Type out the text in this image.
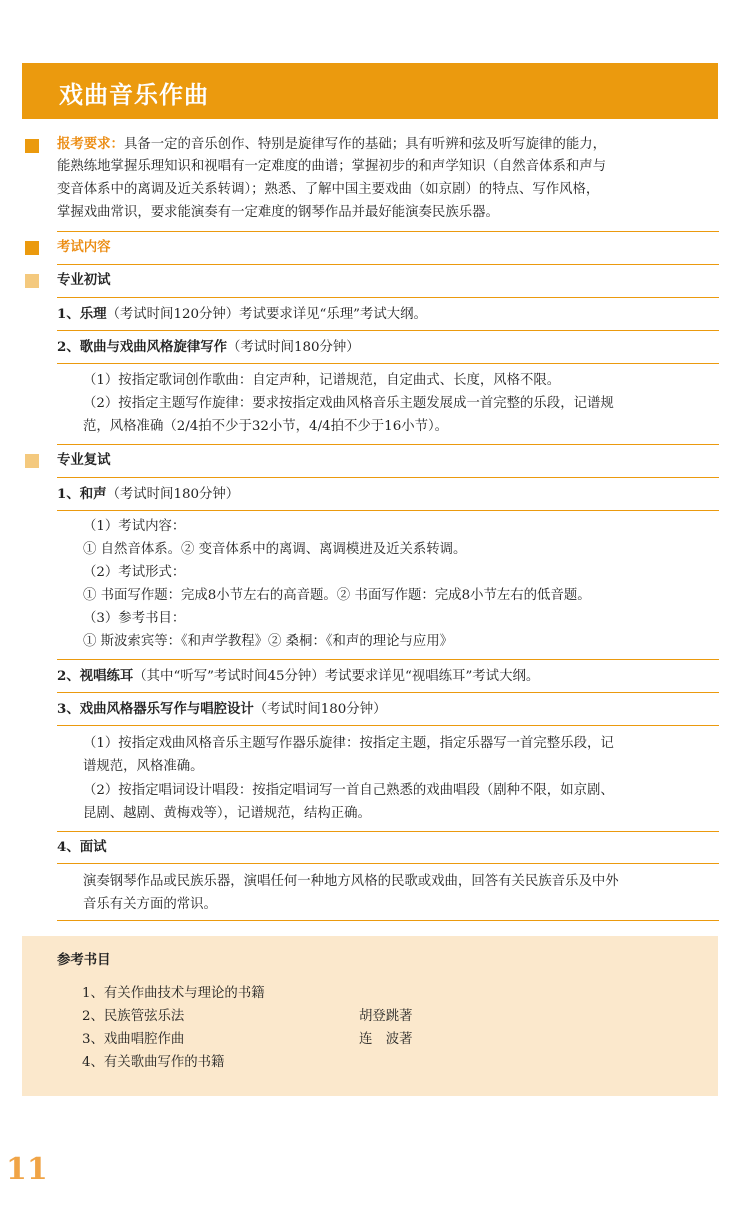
戏曲音乐作曲
报考要求：具备一定的音乐创作、特别是旋律写作的基础；具有听辨和弦及听写旋律的能力，
能熟练地掌握乐理知识和视唱有一定难度的曲谱；掌握初步的和声学知识（自然音体系和声与
变音体系中的离调及近关系转调）；熟悉、了解中国主要戏曲（如京剧）的特点、写作风格，
掌握戏曲常识，要求能演奏有一定难度的钢琴作品并最好能演奏民族乐器。
考试内容
专业初试
1、乐理（考试时间120分钟）考试要求详见“乐理”考试大纲。
2、歌曲与戏曲风格旋律写作（考试时间180分钟）
（1）按指定歌词创作歌曲：自定声种，记谱规范，自定曲式、长度，风格不限。
（2）按指定主题写作旋律：要求按指定戏曲风格音乐主题发展成一首完整的乐段，记谱规
范，风格准确（2/4拍不少于32小节，4/4拍不少于16小节）。
专业复试
1、和声（考试时间180分钟）
（1）考试内容：
① 自然音体系。② 变音体系中的离调、离调模进及近关系转调。
（2）考试形式：
① 书面写作题：完成8小节左右的高音题。② 书面写作题：完成8小节左右的低音题。
（3）参考书目：
① 斯波索宾等：《和声学教程》② 桑桐：《和声的理论与应用》
2、视唱练耳（其中“听写”考试时间45分钟）考试要求详见“视唱练耳”考试大纲。
3、戏曲风格器乐写作与唱腔设计（考试时间180分钟）
（1）按指定戏曲风格音乐主题写作器乐旋律：按指定主题，指定乐器写一首完整乐段，记
谱规范，风格准确。
（2）按指定唱词设计唱段：按指定唱词写一首自己熟悉的戏曲唱段（剧种不限，如京剧、
昆剧、越剧、黄梅戏等），记谱规范，结构正确。
4、面试
演奏钢琴作品或民族乐器，演唱任何一种地方风格的民歌或戏曲，回答有关民族音乐及中外
音乐有关方面的常识。
参考书目
1、有关作曲技术与理论的书籍
2、民族管弦乐法	胡登跳著
3、戏曲唱腔作曲	连　波著
4、有关歌曲写作的书籍
11
